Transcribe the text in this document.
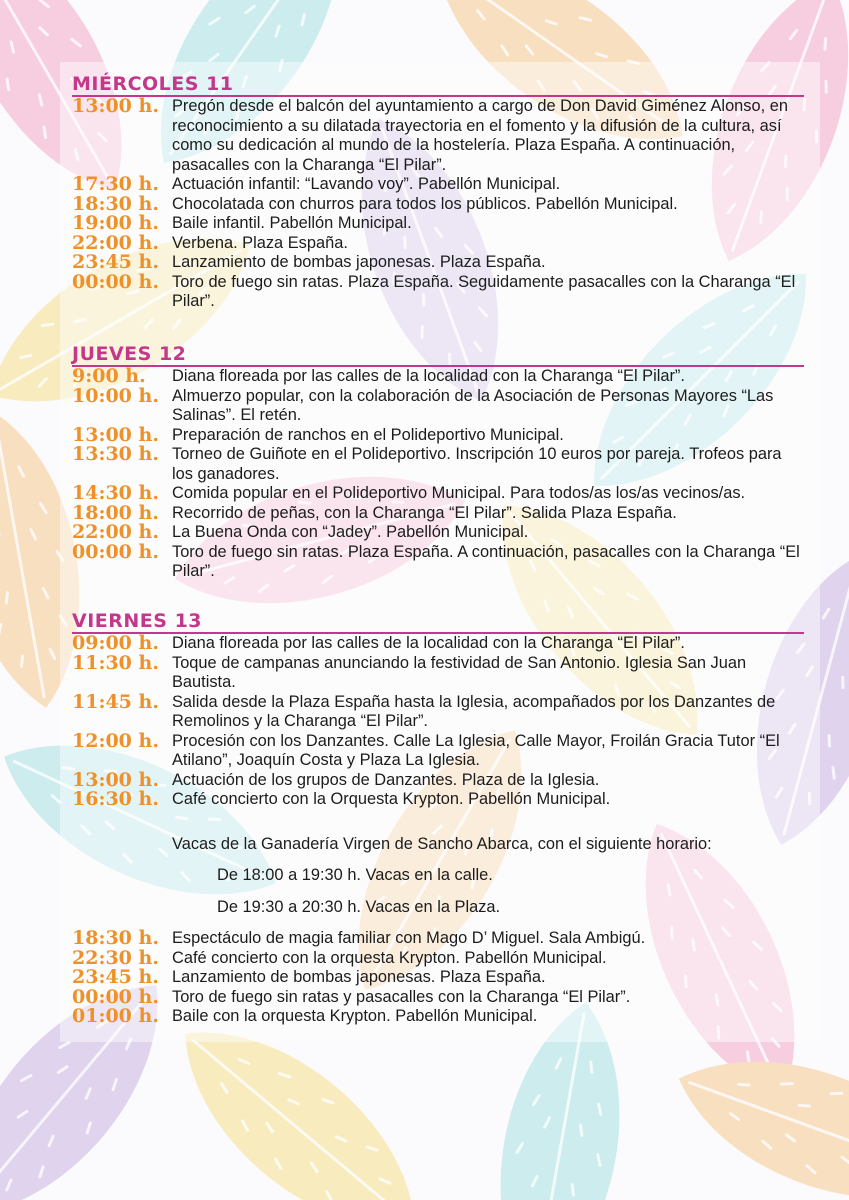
MIÉRCOLES 11
13:00 h. Pregón desde el balcón del ayuntamiento a cargo de Don David Giménez Alonso, en reconocimiento a su dilatada trayectoria en el fomento y la difusión de la cultura, así como su dedicación al mundo de la hostelería. Plaza España. A continuación, pasacalles con la Charanga “El Pilar”.
17:30 h. Actuación infantil: “Lavando voy”. Pabellón Municipal.
18:30 h. Chocolatada con churros para todos los públicos. Pabellón Municipal.
19:00 h. Baile infantil. Pabellón Municipal.
22:00 h. Verbena. Plaza España.
23:45 h. Lanzamiento de bombas japonesas. Plaza España.
00:00 h. Toro de fuego sin ratas. Plaza España. Seguidamente pasacalles con la Charanga “El Pilar”.
JUEVES 12
9:00 h.	Diana floreada por las calles de la localidad con la Charanga “El Pilar”.
10:00 h. Almuerzo popular, con la colaboración de la Asociación de Personas Mayores “Las Salinas”. El retén.
13:00 h. Preparación de ranchos en el Polideportivo Municipal.
13:30 h. Torneo de Guiñote en el Polideportivo. Inscripción 10 euros por pareja. Trofeos para los ganadores.
14:30 h. Comida popular en el Polideportivo Municipal. Para todos/as los/as vecinos/as.
18:00 h. Recorrido de peñas, con la Charanga “El Pilar”. Salida Plaza España.
22:00 h. La Buena Onda con “Jadey”. Pabellón Municipal.
00:00 h. Toro de fuego sin ratas. Plaza España. A continuación, pasacalles con la Charanga “El Pilar”.
VIERNES 13
09:00 h. Diana floreada por las calles de la localidad con la Charanga “El Pilar”.
11:30 h. Toque de campanas anunciando la festividad de San Antonio. Iglesia San Juan Bautista.
11:45 h. Salida desde la Plaza España hasta la Iglesia, acompañados por los Danzantes de Remolinos y la Charanga “El Pilar”.
12:00 h. Procesión con los Danzantes. Calle La Iglesia, Calle Mayor, Froilán Gracia Tutor “El Atilano”, Joaquín Costa y Plaza La Iglesia.
13:00 h. Actuación de los grupos de Danzantes. Plaza de la Iglesia.
16:30 h. Café concierto con la Orquesta Krypton. Pabellón Municipal.
Vacas de la Ganadería Virgen de Sancho Abarca, con el siguiente horario:
De 18:00 a 19:30 h. Vacas en la calle.
De 19:30 a 20:30 h. Vacas en la Plaza.
18:30 h. Espectáculo de magia familiar con Mago D’ Miguel. Sala Ambigú.
22:30 h. Café concierto con la orquesta Krypton. Pabellón Municipal.
23:45 h. Lanzamiento de bombas japonesas. Plaza España.
00:00 h. Toro de fuego sin ratas y pasacalles con la Charanga “El Pilar”.
01:00 h. Baile con la orquesta Krypton. Pabellón Municipal.
